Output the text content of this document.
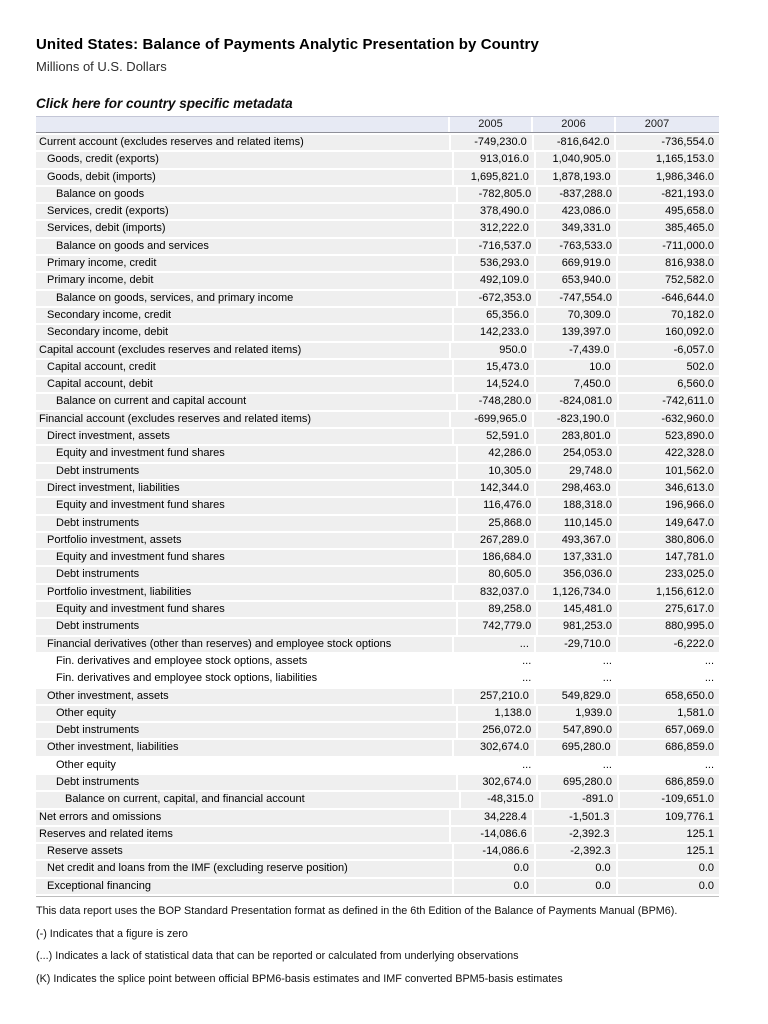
United States: Balance of Payments Analytic Presentation by Country
Millions of U.S. Dollars
Click here for country specific metadata
2005	2006	2007
Current account (excludes reserves and related items)	-749,230.0	-816,642.0	-736,554.0
Goods, credit (exports)	913,016.0	1,040,905.0	1,165,153.0
Goods, debit (imports)	1,695,821.0	1,878,193.0	1,986,346.0
Balance on goods	-782,805.0	-837,288.0	-821,193.0
Services, credit (exports)	378,490.0	423,086.0	495,658.0
Services, debit (imports)	312,222.0	349,331.0	385,465.0
Balance on goods and services	-716,537.0	-763,533.0	-711,000.0
Primary income, credit	536,293.0	669,919.0	816,938.0
Primary income, debit	492,109.0	653,940.0	752,582.0
Balance on goods, services, and primary income	-672,353.0	-747,554.0	-646,644.0
Secondary income, credit	65,356.0	70,309.0	70,182.0
Secondary income, debit	142,233.0	139,397.0	160,092.0
Capital account (excludes reserves and related items)	950.0	-7,439.0	-6,057.0
Capital account, credit	15,473.0	10.0	502.0
Capital account, debit	14,524.0	7,450.0	6,560.0
Balance on current and capital account	-748,280.0	-824,081.0	-742,611.0
Financial account (excludes reserves and related items)	-699,965.0	-823,190.0	-632,960.0
Direct investment, assets	52,591.0	283,801.0	523,890.0
Equity and investment fund shares	42,286.0	254,053.0	422,328.0
Debt instruments	10,305.0	29,748.0	101,562.0
Direct investment, liabilities	142,344.0	298,463.0	346,613.0
Equity and investment fund shares	116,476.0	188,318.0	196,966.0
Debt instruments	25,868.0	110,145.0	149,647.0
Portfolio investment, assets	267,289.0	493,367.0	380,806.0
Equity and investment fund shares	186,684.0	137,331.0	147,781.0
Debt instruments	80,605.0	356,036.0	233,025.0
Portfolio investment, liabilities	832,037.0	1,126,734.0	1,156,612.0
Equity and investment fund shares	89,258.0	145,481.0	275,617.0
Debt instruments	742,779.0	981,253.0	880,995.0
Financial derivatives (other than reserves) and employee stock options	...	-29,710.0	-6,222.0
Fin. derivatives and employee stock options, assets	...	...	...
Fin. derivatives and employee stock options, liabilities	...	...	...
Other investment, assets	257,210.0	549,829.0	658,650.0
Other equity	1,138.0	1,939.0	1,581.0
Debt instruments	256,072.0	547,890.0	657,069.0
Other investment, liabilities	302,674.0	695,280.0	686,859.0
Other equity	...	...	...
Debt instruments	302,674.0	695,280.0	686,859.0
Balance on current, capital, and financial account	-48,315.0	-891.0	-109,651.0
Net errors and omissions	34,228.4	-1,501.3	109,776.1
Reserves and related items	-14,086.6	-2,392.3	125.1
Reserve assets	-14,086.6	-2,392.3	125.1
Net credit and loans from the IMF (excluding reserve position)	0.0	0.0	0.0
Exceptional financing	0.0	0.0	0.0
This data report uses the BOP Standard Presentation format as defined in the 6th Edition of the Balance of Payments Manual (BPM6).
(-) Indicates that a figure is zero
(...) Indicates a lack of statistical data that can be reported or calculated from underlying observations
(K) Indicates the splice point between official BPM6-basis estimates and IMF converted BPM5-basis estimates
